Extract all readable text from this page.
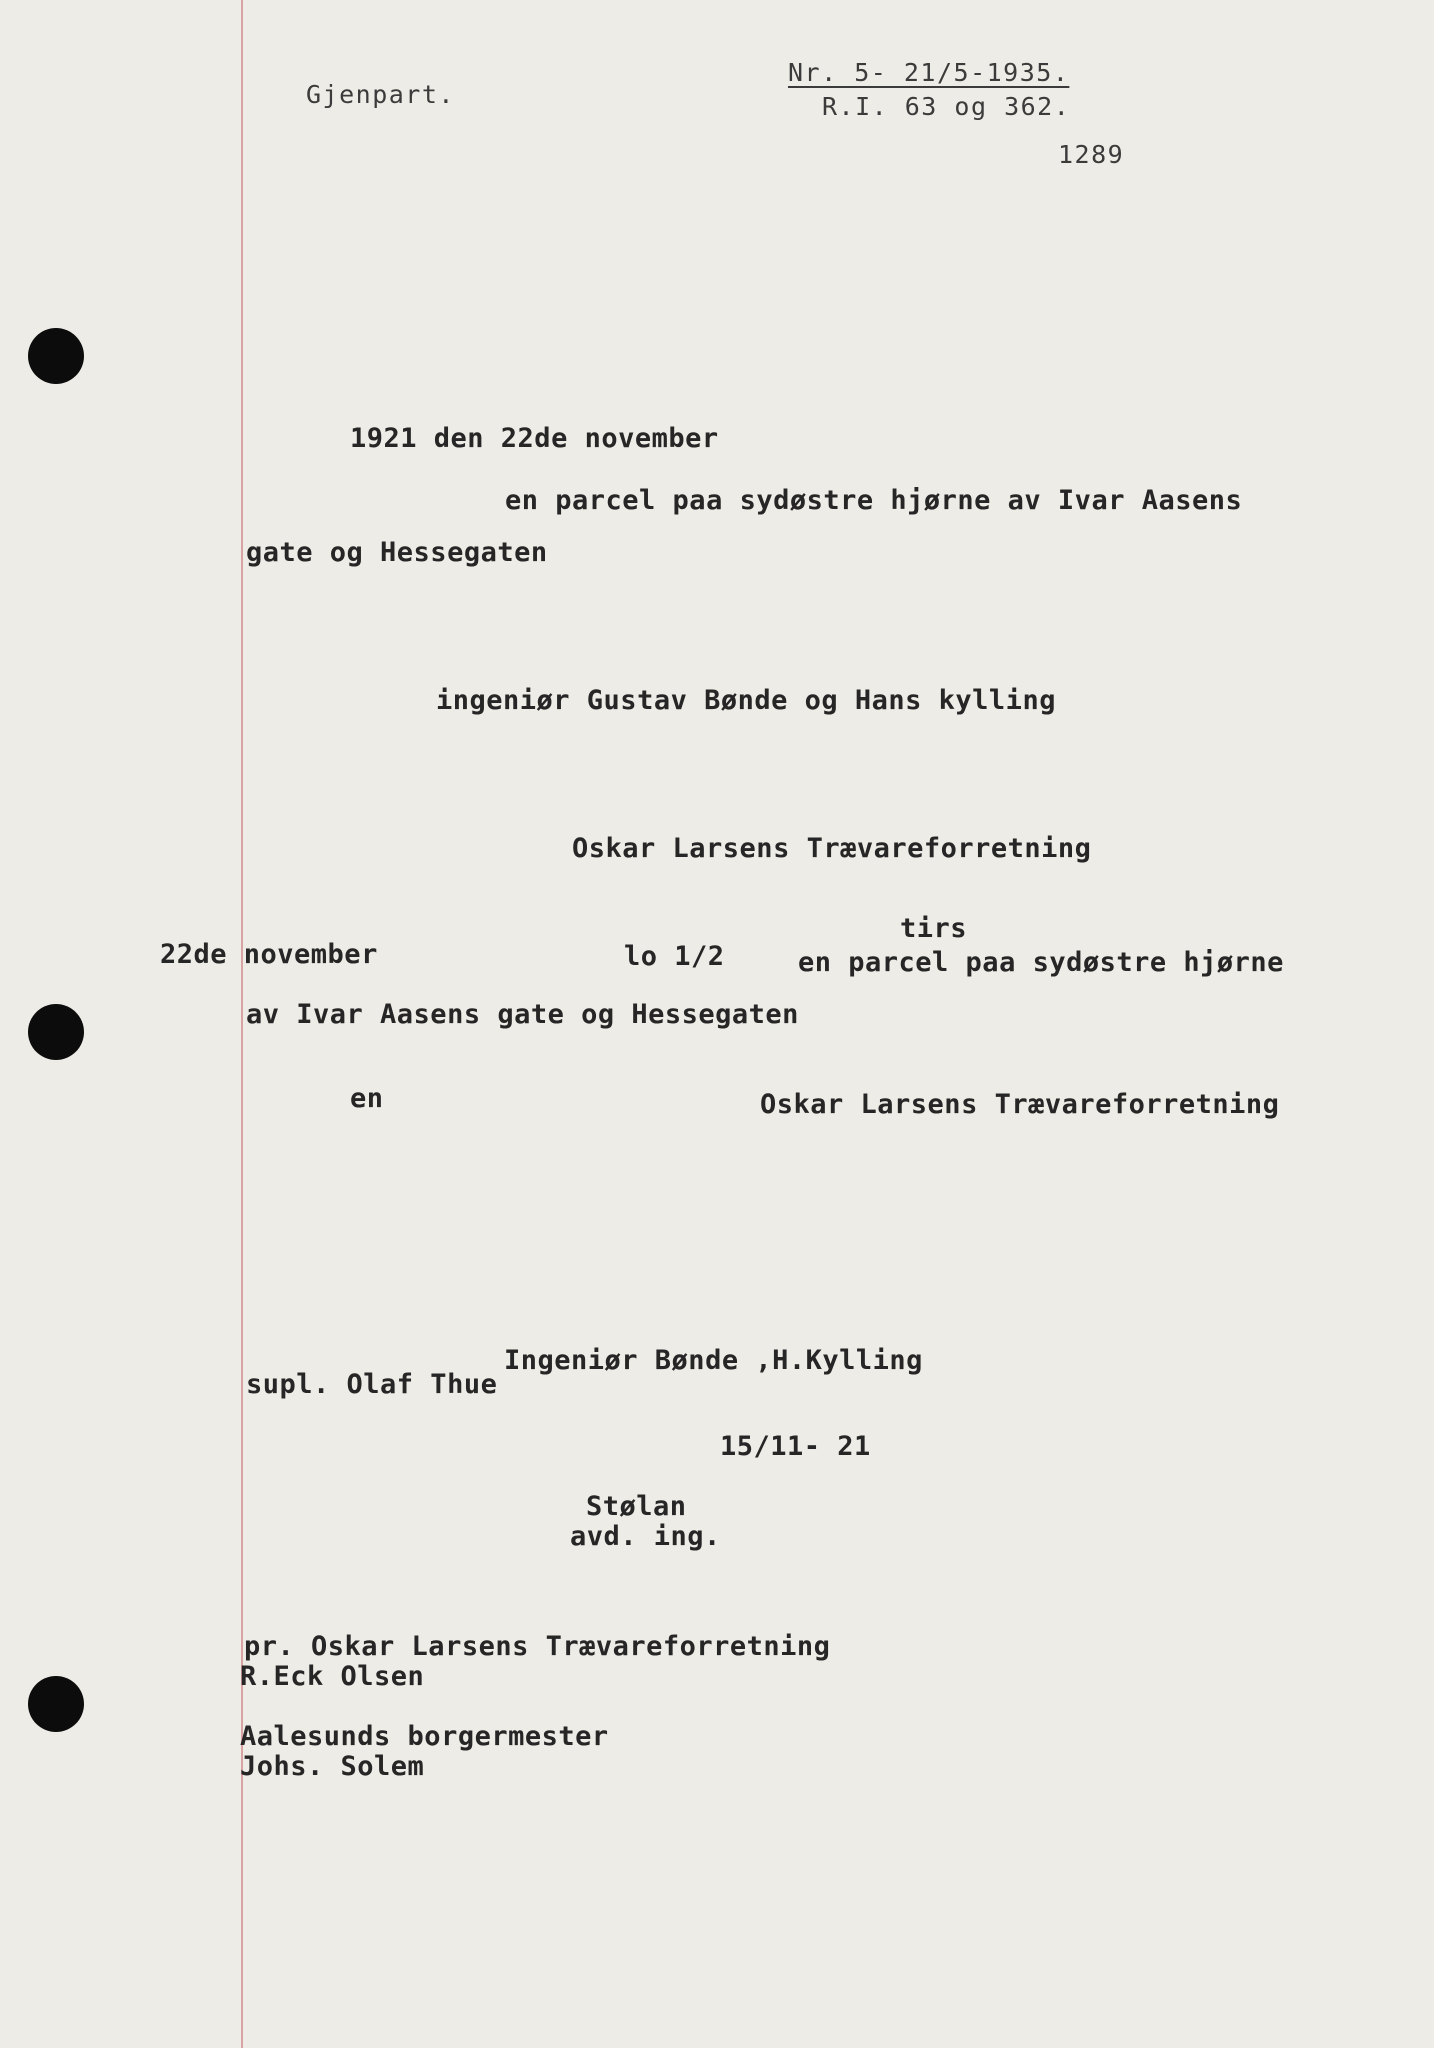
Gjenpart.
Nr. 5- 21/5-1935.
R.I. 63 og 362.
1289
1921 den 22de november
en parcel paa sydøstre hjørne av Ivar Aasens
gate og Hessegaten
ingeniør Gustav Bønde og Hans kylling
Oskar Larsens Trævareforretning
tirs
22de november	lo 1/2	en parcel paa sydøstre hjørne
av Ivar Aasens gate og Hessegaten
en	Oskar Larsens Trævareforretning
Ingeniør Bønde ,H.Kylling
supl. Olaf Thue
15/11- 21
Stølan
avd. ing.
pr. Oskar Larsens Trævareforretning
R.Eck Olsen
Aalesunds borgermester
Johs. Solem
